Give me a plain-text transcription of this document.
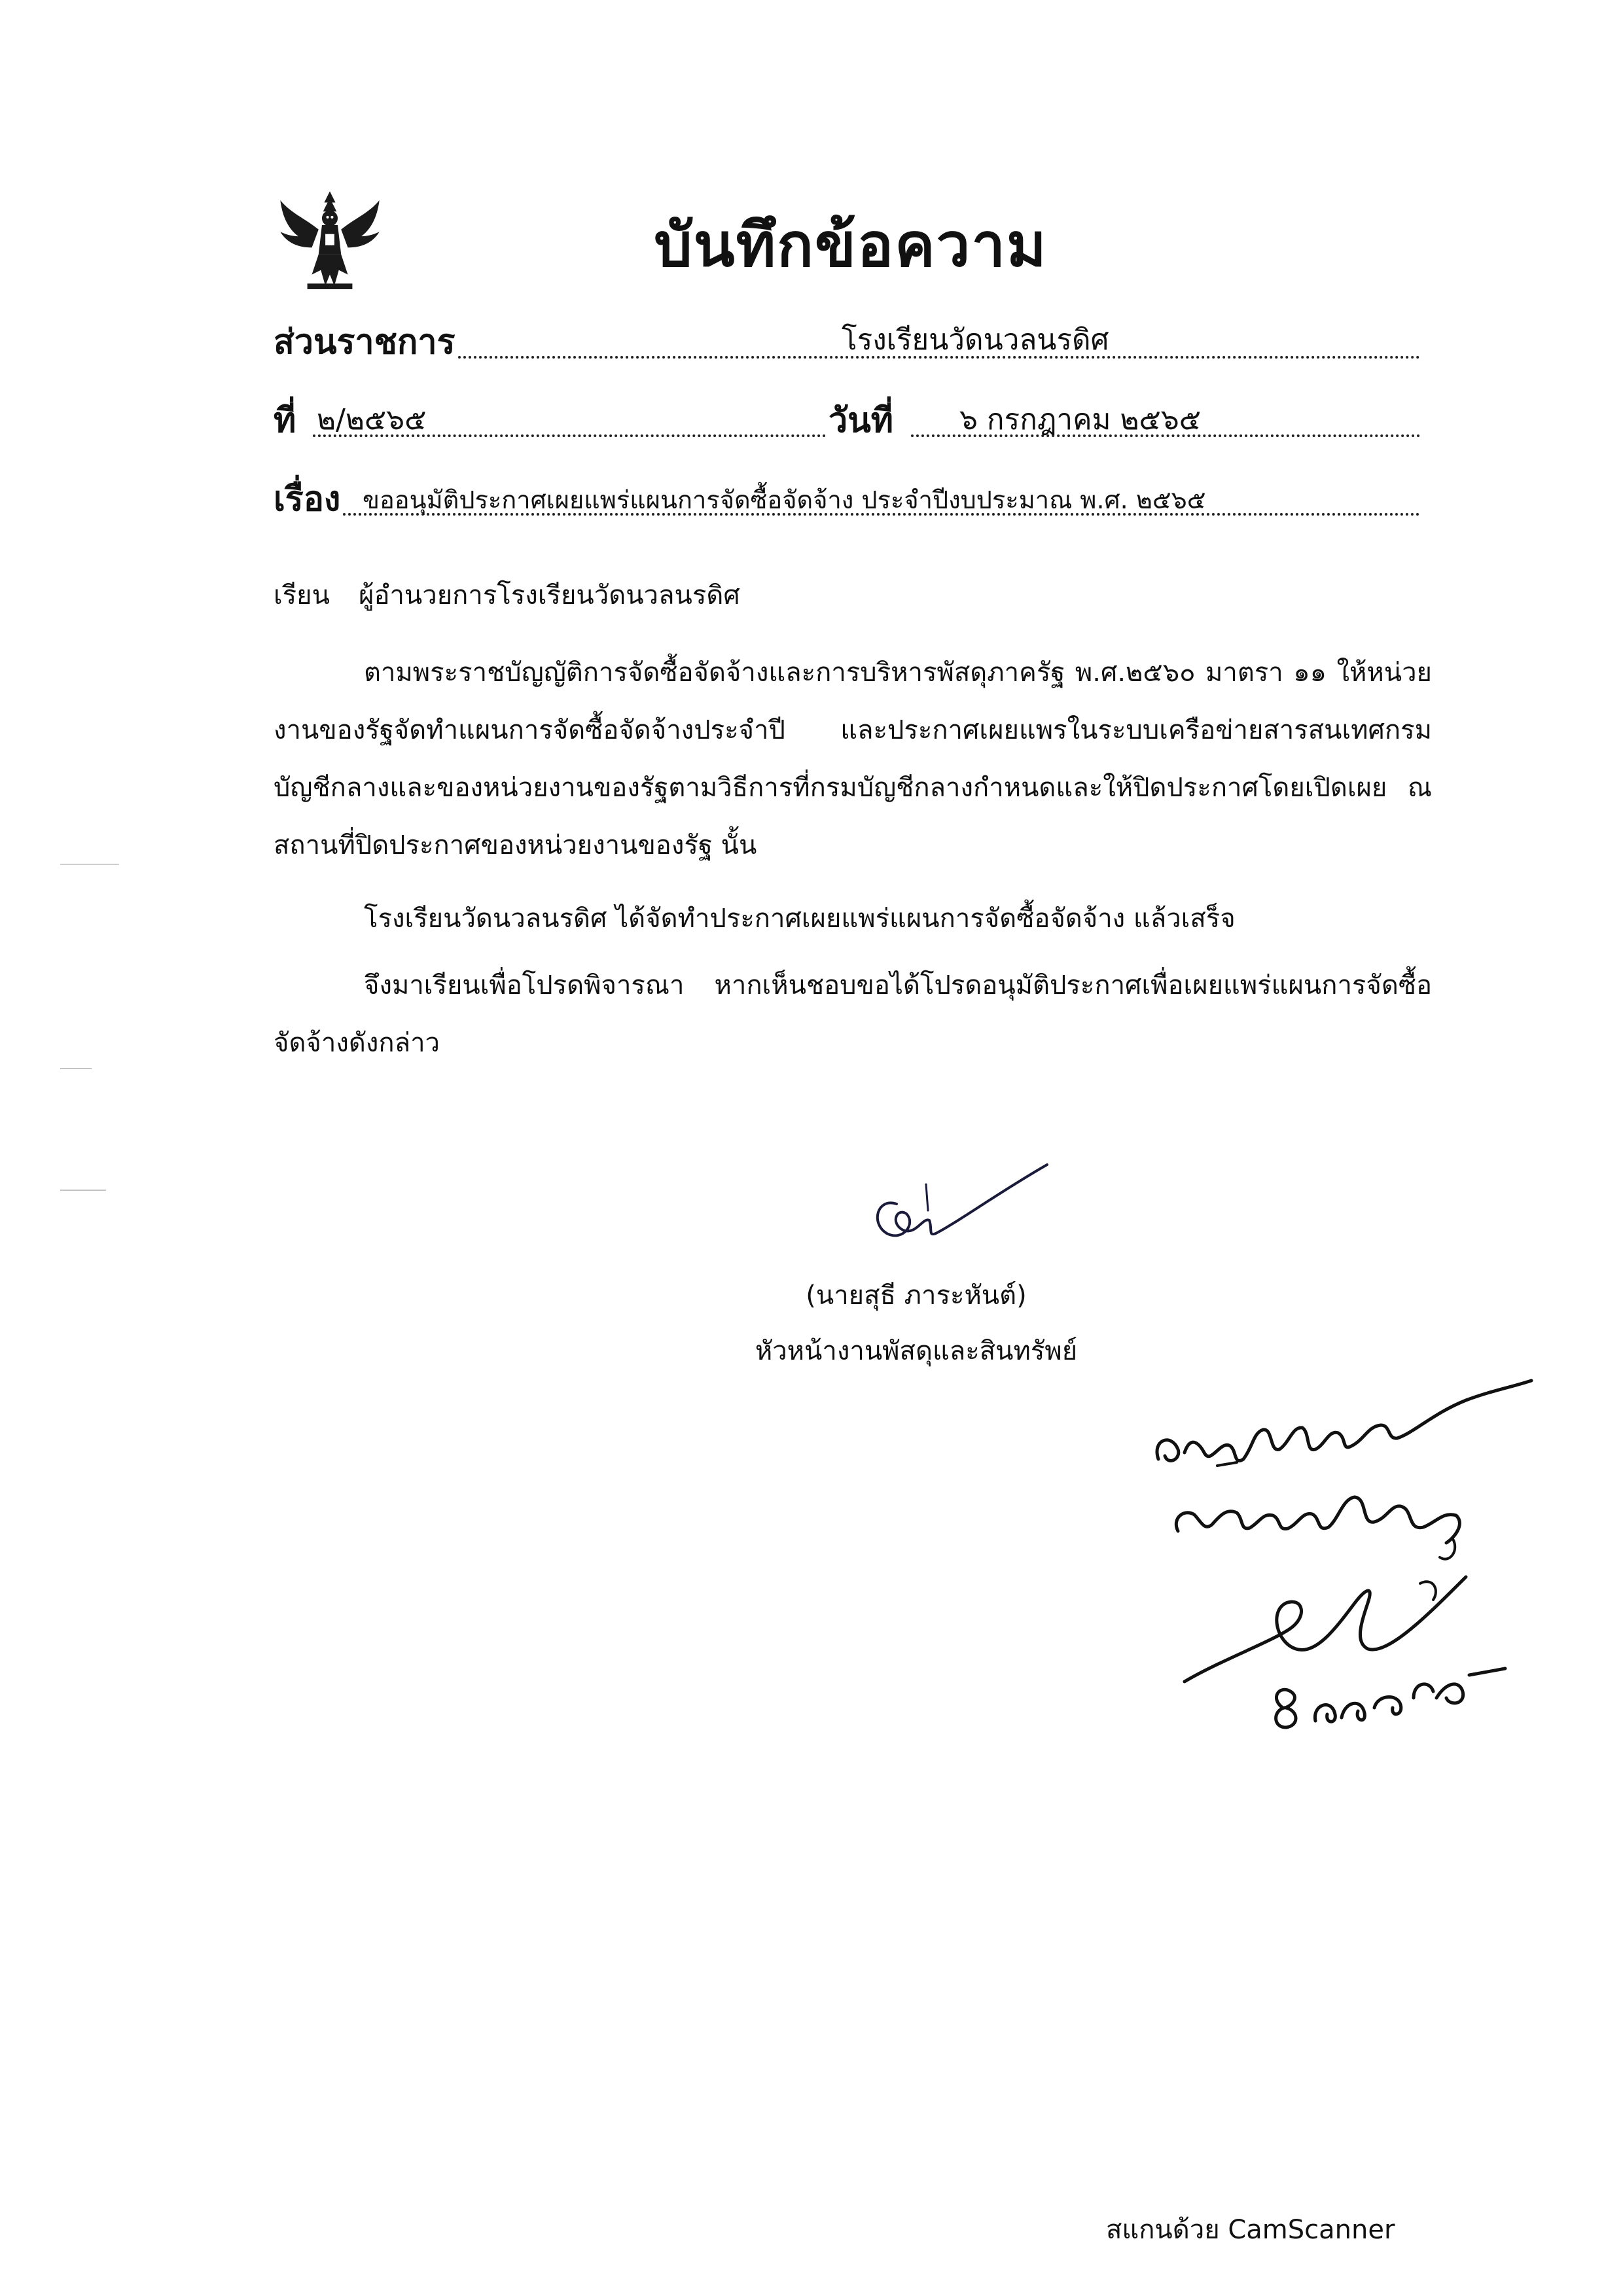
บันทึกข้อความ
ส่วนราชการ	โรงเรียนวัดนวลนรดิศ
ที่ ๒/๒๕๖๕	วันที่ ๖ กรกฎาคม ๒๕๖๕
เรื่อง ขออนุมัติประกาศเผยแพร่แผนการจัดซื้อจัดจ้าง ประจำปีงบประมาณ พ.ศ. ๒๕๖๕
เรียน ผู้อำนวยการโรงเรียนวัดนวลนรดิศ
ตามพระราชบัญญัติการจัดซื้อจัดจ้างและการบริหารพัสดุภาครัฐ พ.ศ.๒๕๖๐ มาตรา ๑๑ ให้หน่วยงานของรัฐจัดทำแผนการจัดซื้อจัดจ้างประจำปี และประกาศเผยแพรในระบบเครือข่ายสารสนเทศกรมบัญชีกลางและของหน่วยงานของรัฐตามวิธีการที่กรมบัญชีกลางกำหนดและให้ปิดประกาศโดยเปิดเผย ณ สถานที่ปิดประกาศของหน่วยงานของรัฐ นั้น
โรงเรียนวัดนวลนรดิศ ได้จัดทำประกาศเผยแพร่แผนการจัดซื้อจัดจ้าง แล้วเสร็จ
จึงมาเรียนเพื่อโปรดพิจารณา หากเห็นชอบขอได้โปรดอนุมัติประกาศเพื่อเผยแพร่แผนการจัดซื้อจัดจ้างดังกล่าว
(นายสุธี ภาระหันต์)
หัวหน้างานพัสดุและสินทรัพย์
สแกนด้วย CamScanner
